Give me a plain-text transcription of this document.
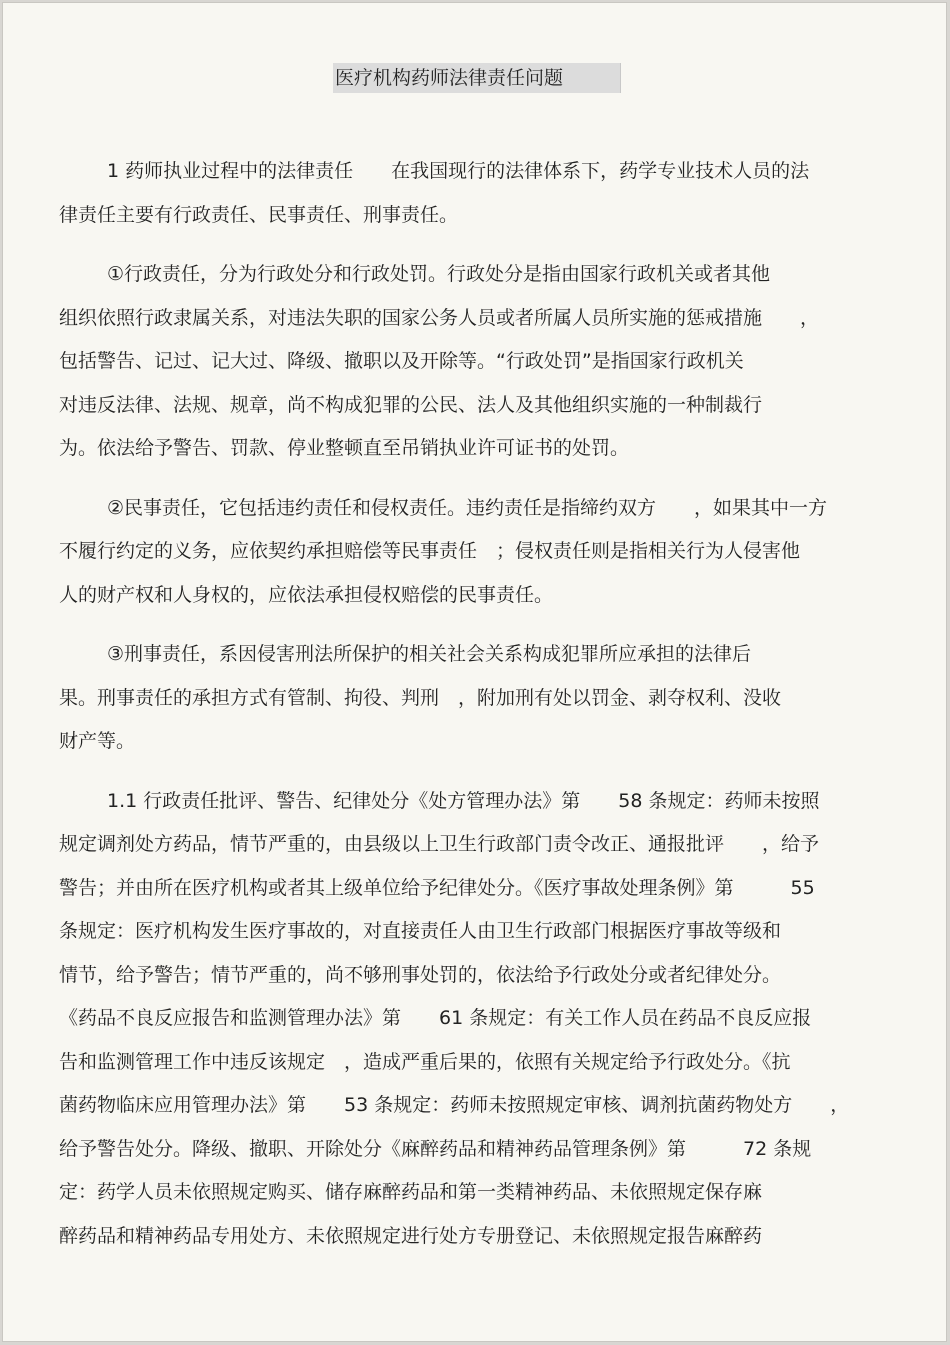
医疗机构药师法律责任问题

1 药师执业过程中的法律责任　　在我国现行的法律体系下，药学专业技术人员的法

律责任主要有行政责任、民事责任、刑事责任。

①行政责任，分为行政处分和行政处罚。行政处分是指由国家行政机关或者其他

组织依照行政隶属关系，对违法失职的国家公务人员或者所属人员所实施的惩戒措施　　，

包括警告、记过、记大过、降级、撤职以及开除等。“行政处罚”是指国家行政机关

对违反法律、法规、规章，尚不构成犯罪的公民、法人及其他组织实施的一种制裁行

为。依法给予警告、罚款、停业整顿直至吊销执业许可证书的处罚。

②民事责任，它包括违约责任和侵权责任。违约责任是指缔约双方　　，如果其中一方

不履行约定的义务，应依契约承担赔偿等民事责任　；侵权责任则是指相关行为人侵害他

人的财产权和人身权的，应依法承担侵权赔偿的民事责任。

③刑事责任，系因侵害刑法所保护的相关社会关系构成犯罪所应承担的法律后

果。刑事责任的承担方式有管制、拘役、判刑　，附加刑有处以罚金、剥夺权利、没收

财产等。

1.1 行政责任批评、警告、纪律处分《处方管理办法》第　　58 条规定：药师未按照

规定调剂处方药品，情节严重的，由县级以上卫生行政部门责令改正、通报批评　　，给予

警告；并由所在医疗机构或者其上级单位给予纪律处分。《医疗事故处理条例》第　　　55

条规定：医疗机构发生医疗事故的，对直接责任人由卫生行政部门根据医疗事故等级和

情节，给予警告；情节严重的，尚不够刑事处罚的，依法给予行政处分或者纪律处分。

《药品不良反应报告和监测管理办法》第　　61 条规定：有关工作人员在药品不良反应报

告和监测管理工作中违反该规定　，造成严重后果的，依照有关规定给予行政处分。《抗

菌药物临床应用管理办法》第　　53 条规定：药师未按照规定审核、调剂抗菌药物处方　　，

给予警告处分。降级、撤职、开除处分《麻醉药品和精神药品管理条例》第　　　72 条规

定：药学人员未依照规定购买、储存麻醉药品和第一类精神药品、未依照规定保存麻

醉药品和精神药品专用处方、未依照规定进行处方专册登记、未依照规定报告麻醉药
